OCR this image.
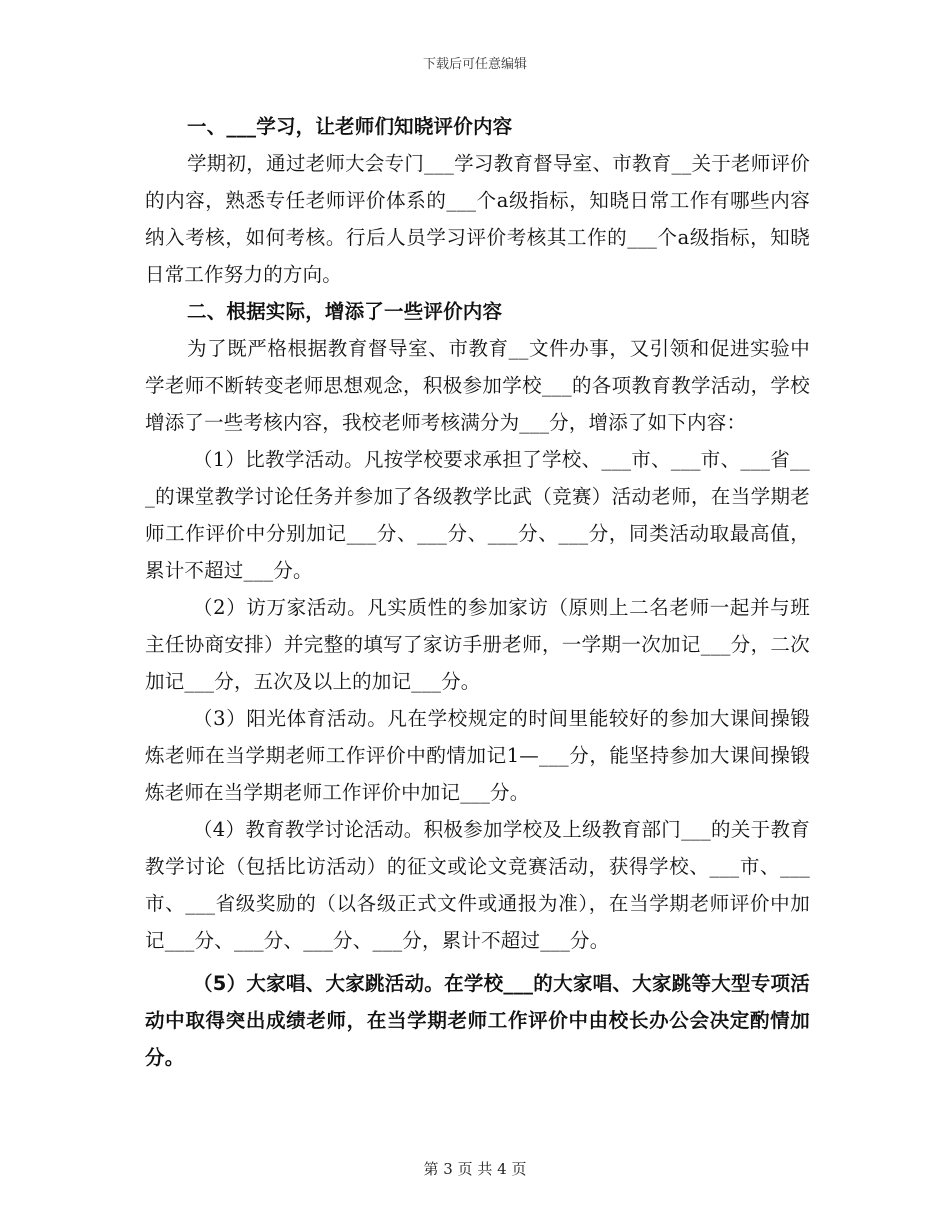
下载后可任意编辑

一、___学习，让老师们知晓评价内容

学期初，通过老师大会专门___学习教育督导室、市教育__关于老师评价的内容，熟悉专任老师评价体系的___个a级指标，知晓日常工作有哪些内容纳入考核，如何考核。行后人员学习评价考核其工作的___个a级指标，知晓日常工作努力的方向。

二、根据实际，增添了一些评价内容

为了既严格根据教育督导室、市教育__文件办事，又引领和促进实验中学老师不断转变老师思想观念，积极参加学校___的各项教育教学活动，学校增添了一些考核内容，我校老师考核满分为___分，增添了如下内容：

（1）比教学活动。凡按学校要求承担了学校、___市、___市、___省___的课堂教学讨论任务并参加了各级教学比武（竞赛）活动老师，在当学期老师工作评价中分别加记___分、___分、___分、___分，同类活动取最高值，累计不超过___分。

（2）访万家活动。凡实质性的参加家访（原则上二名老师一起并与班主任协商安排）并完整的填写了家访手册老师，一学期一次加记___分，二次加记___分，五次及以上的加记___分。

（3）阳光体育活动。凡在学校规定的时间里能较好的参加大课间操锻炼老师在当学期老师工作评价中酌情加记1—___分，能坚持参加大课间操锻炼老师在当学期老师工作评价中加记___分。

（4）教育教学讨论活动。积极参加学校及上级教育部门___的关于教育教学讨论（包括比访活动）的征文或论文竞赛活动，获得学校、___市、___市、___省级奖励的（以各级正式文件或通报为准），在当学期老师评价中加记___分、___分、___分、___分，累计不超过___分。

（5）大家唱、大家跳活动。在学校___的大家唱、大家跳等大型专项活动中取得突出成绩老师，在当学期老师工作评价中由校长办公会决定酌情加分。

第 3 页 共 4 页
